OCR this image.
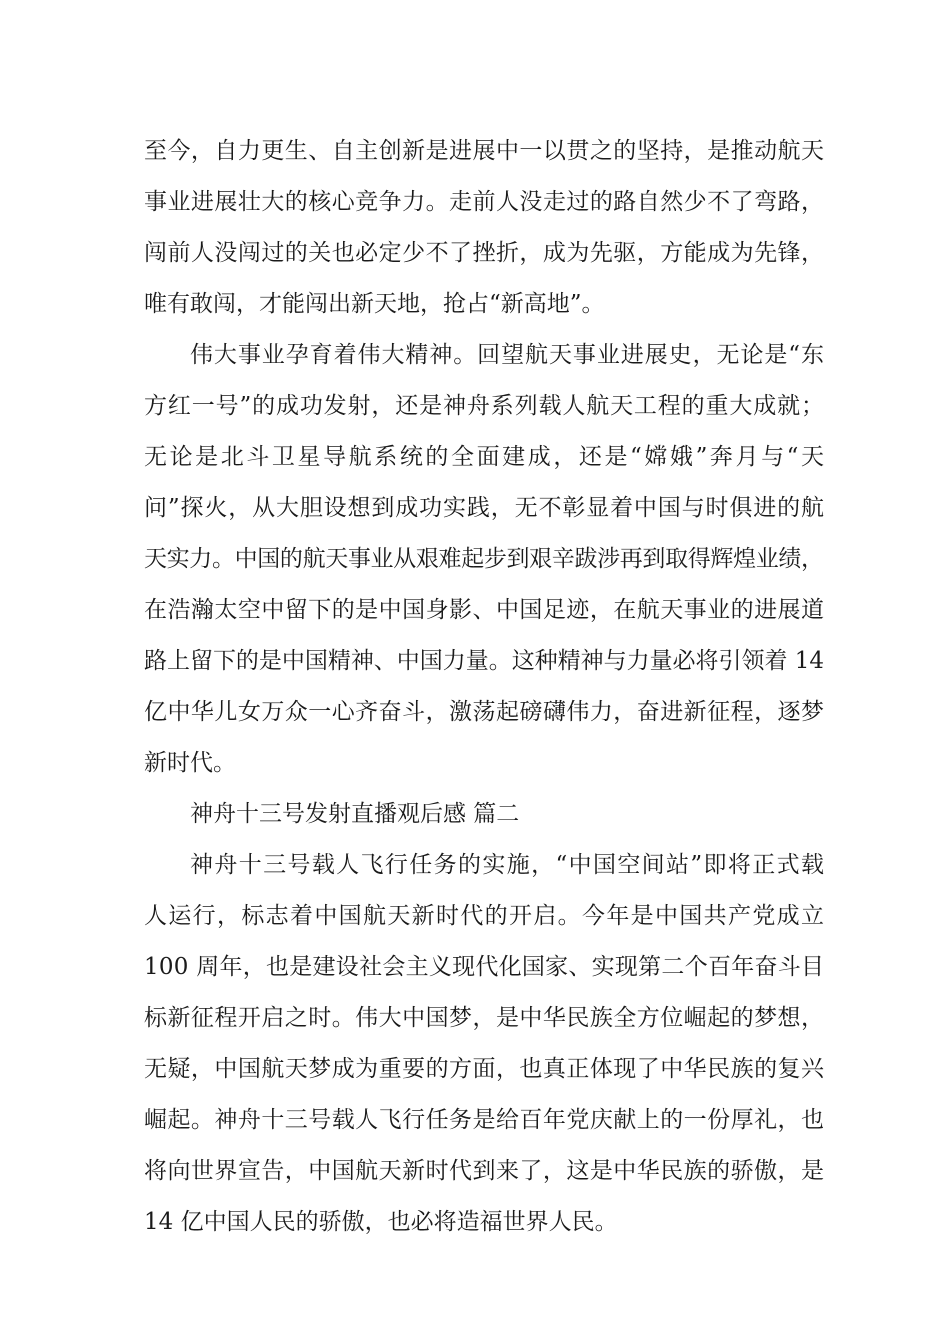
至今，自力更生、自主创新是进展中一以贯之的坚持，是推动航天
事业进展壮大的核心竞争力。走前人没走过的路自然少不了弯路，
闯前人没闯过的关也必定少不了挫折，成为先驱，方能成为先锋，
唯有敢闯，才能闯出新天地，抢占“新高地”。
伟大事业孕育着伟大精神。回望航天事业进展史，无论是“东
方红一号”的成功发射，还是神舟系列载人航天工程的重大成就；
无论是北斗卫星导航系统的全面建成，还是“嫦娥”奔月与“天
问”探火，从大胆设想到成功实践，无不彰显着中国与时俱进的航
天实力。中国的航天事业从艰难起步到艰辛跋涉再到取得辉煌业绩，
在浩瀚太空中留下的是中国身影、中国足迹，在航天事业的进展道
路上留下的是中国精神、中国力量。这种精神与力量必将引领着 14
亿中华儿女万众一心齐奋斗，激荡起磅礴伟力，奋进新征程，逐梦
新时代。
神舟十三号发射直播观后感 篇二
神舟十三号载人飞行任务的实施，“中国空间站”即将正式载
人运行，标志着中国航天新时代的开启。今年是中国共产党成立
100 周年，也是建设社会主义现代化国家、实现第二个百年奋斗目
标新征程开启之时。伟大中国梦，是中华民族全方位崛起的梦想，
无疑，中国航天梦成为重要的方面，也真正体现了中华民族的复兴
崛起。神舟十三号载人飞行任务是给百年党庆献上的一份厚礼，也
将向世界宣告，中国航天新时代到来了，这是中华民族的骄傲，是
14 亿中国人民的骄傲，也必将造福世界人民。
